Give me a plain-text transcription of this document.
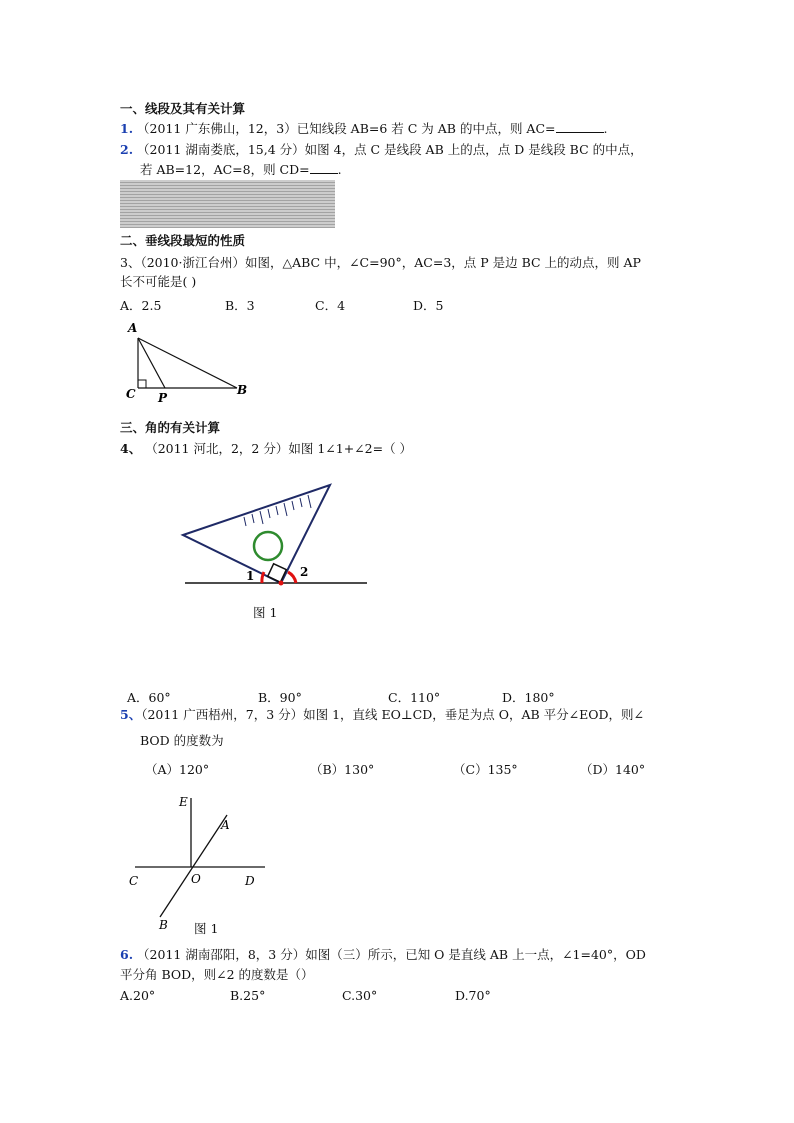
一、线段及其有关计算
1. （2011 广东佛山，12，3）已知线段 AB=6 若 C 为 AB 的中点，则 AC=	.
2. （2011 湖南娄底，15,4 分）如图 4，点 C 是线段 AB 上的点，点 D 是线段 BC 的中点，
若 AB=12，AC=8，则 CD= .
二、垂线段最短的性质
3、（2010·浙江台州）如图，△ABC 中，∠C=90°，AC=3，点 P 是边 BC 上的动点，则 AP
长不可能是( )
A．2.5	B．3	C．4	D．5
A
C P
B
三、角的有关计算
4、 （2011 河北，2，2 分）如图 1∠1+∠2=（ ）
1	2
图 1
A．60°	B．90°	C．110°	D．180°
5、（2011 广西梧州，7，3 分）如图 1，直线 EO⊥CD，垂足为点 O，AB 平分∠EOD，则∠
BOD 的度数为
（A）120°	（B）130°	（C）135°	（D）140°
E
A
C	O	D
B 图 1
6. （2011 湖南邵阳，8，3 分）如图（三）所示，已知 O 是直线 AB 上一点，∠1=40°，OD
平分角 BOD，则∠2 的度数是（）
A.20°	B.25°	C.30°	D.70°
